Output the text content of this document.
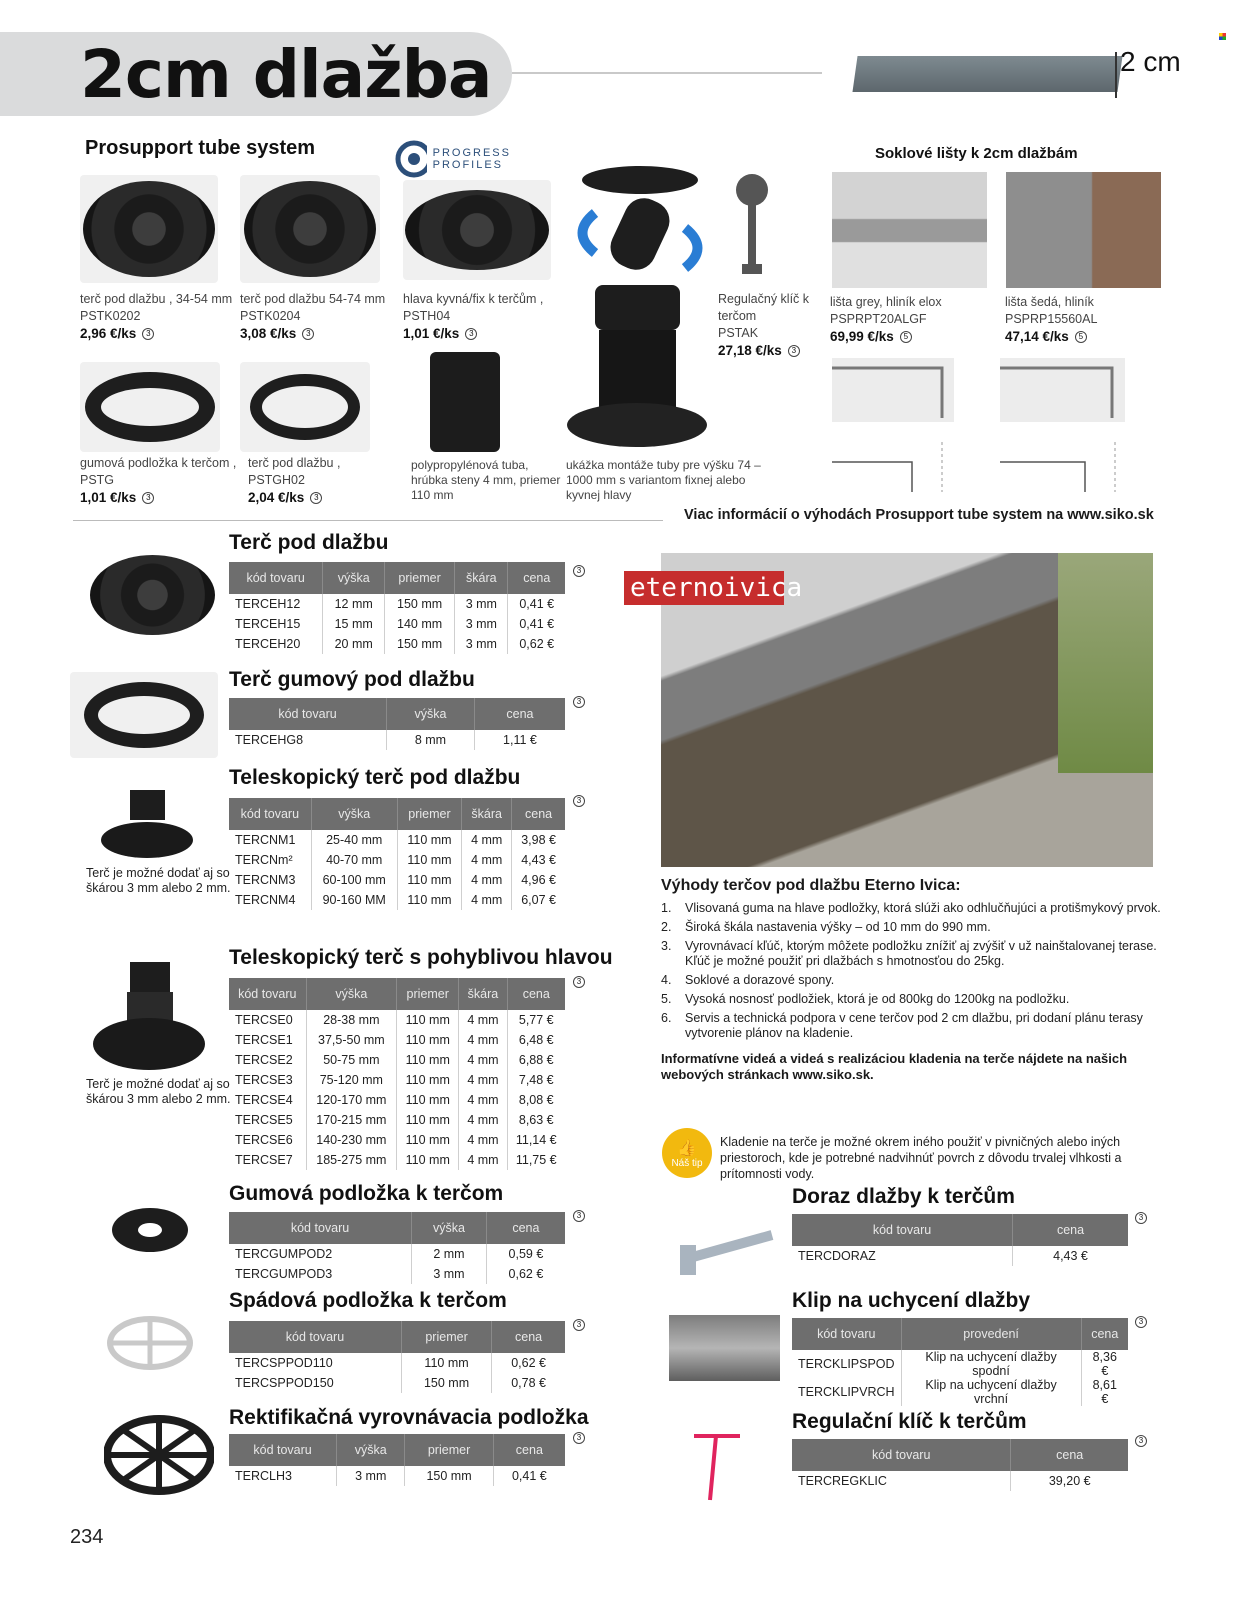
2cm dlažba	2 cm
Prosupport tube system	PROGRESS PROFILES
terč pod dlažbu , 34-54 mm
PSTK0202
2,96 €/ks 3
terč pod dlažbu 54-74 mm
PSTK0204
3,08 €/ks 3
hlava kyvná/fix k terčům ,
PSTH04
1,01 €/ks 3
Regulačný klíč k terčom
PSTAK
27,18 €/ks 3
gumová podložka k terčom ,
PSTG
1,01 €/ks 3
terč pod dlažbu ,
PSTGH02
2,04 €/ks 3
polypropylénová tuba, hrúbka steny 4 mm, priemer 110 mm
ukážka montáže tuby pre výšku 74 – 1000 mm s variantom fixnej alebo kyvnej hlavy
Soklové lišty k 2cm dlažbám
lišta grey, hliník elox
PSPRPT20ALGF
69,99 €/ks 5
lišta šedá, hliník
PSPRP15560AL
47,14 €/ks 5
Viac informácií o výhodách Prosupport tube system na www.siko.sk
Terč pod dlažbu
3
kód tovaru	výška	priemer	škára	cena
TERCEH12	12 mm	150 mm	3 mm	0,41 €
TERCEH15	15 mm	140 mm	3 mm	0,41 €
TERCEH20	20 mm	150 mm	3 mm	0,62 €
Terč gumový pod dlažbu
3
kód tovaru	výška	cena
TERCEHG8	8 mm	1,11 €
Terč je možné dodať aj so škárou 3 mm alebo 2 mm.
Teleskopický terč pod dlažbu
3
kód tovaru	výška	priemer	škára	cena
TERCNM1	25-40 mm	110 mm	4 mm	3,98 €
TERCNm²	40-70 mm	110 mm	4 mm	4,43 €
TERCNM3	60-100 mm	110 mm	4 mm	4,96 €
TERCNM4	90-160 MM	110 mm	4 mm	6,07 €
Terč je možné dodať aj so škárou 3 mm alebo 2 mm.
Teleskopický terč s pohyblivou hlavou
3
kód tovaru	výška	priemer	škára	cena
TERCSE0	28-38 mm	110 mm	4 mm	5,77 €
TERCSE1	37,5-50 mm	110 mm	4 mm	6,48 €
TERCSE2	50-75 mm	110 mm	4 mm	6,88 €
TERCSE3	75-120 mm	110 mm	4 mm	7,48 €
TERCSE4	120-170 mm	110 mm	4 mm	8,08 €
TERCSE5	170-215 mm	110 mm	4 mm	8,63 €
TERCSE6	140-230 mm	110 mm	4 mm	11,14 €
TERCSE7	185-275 mm	110 mm	4 mm	11,75 €
Gumová podložka k terčom
3
kód tovaru	výška	cena
TERCGUMPOD2	2 mm	0,59 €
TERCGUMPOD3	3 mm	0,62 €
Spádová podložka k terčom
3
kód tovaru	priemer	cena
TERCSPPOD110	110 mm	0,62 €
TERCSPPOD150	150 mm	0,78 €
Rektifikačná vyrovnávacia podložka
3
kód tovaru	výška	priemer	cena
TERCLH3	3 mm	150 mm	0,41 €
eternoivica
Výhody terčov pod dlažbu Eterno Ivica:
1.	Vlisovaná guma na hlave podložky, ktorá slúži ako odhlučňujúci a protišmykový prvok.
2.	Široká škála nastavenia výšky – od 10 mm do 990 mm.
3.	Vyrovnávací kľúč, ktorým môžete podložku znížiť aj zvýšiť v už nainštalovanej terase. Kľúč je možné použiť pri dlažbách s hmotnosťou do 25kg.
4.	Soklové a dorazové spony.
5.	Vysoká nosnosť podložiek, ktorá je od 800kg do 1200kg na podložku.
6.	Servis a technická podpora v cene terčov pod 2 cm dlažbu, pri dodaní plánu terasy vytvorenie plánov na kladenie.
Informatívne videá a videá s realizáciou kladenia na terče nájdete na našich webových stránkach www.siko.sk.
👍
Náš tip
Kladenie na terče je možné okrem iného použiť v pivničných alebo iných priestoroch, kde je potrebné nadvihnúť povrch z dôvodu trvalej vlhkosti a prítomnosti vody.
Doraz dlažby k terčům
3
kód tovaru	cena
TERCDORAZ	4,43 €
Klip na uchycení dlažby
3
kód tovaru	provedení	cena
TERCKLIPSPOD	Klip na uchycení dlažby spodní	8,36 €
TERCKLIPVRCH	Klip na uchycení dlažby vrchní	8,61 €
Regulační klíč k terčům
3
kód tovaru	cena
TERCREGKLIC	39,20 €
234
